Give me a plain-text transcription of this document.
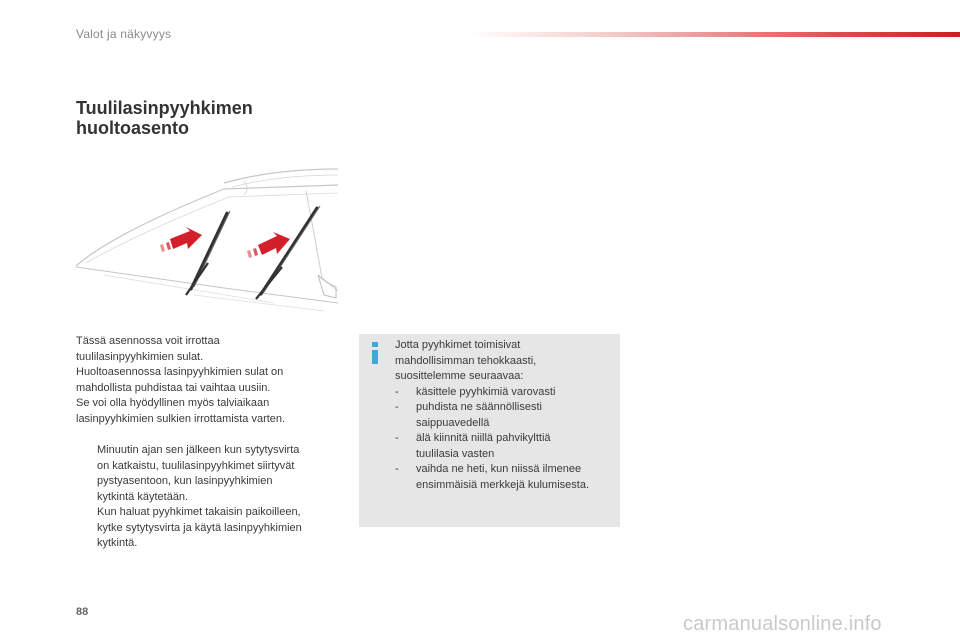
Valot ja näkyvyys
Tuulilasinpyyhkimen
huoltoasento

Tässä asennossa voit irrottaa

tuulilasinpyyhkimien sulat.

Huoltoasennossa lasinpyyhkimien sulat on

mahdollista puhdistaa tai vaihtaa uusiin.

Se voi olla hyödyllinen myös talviaikaan

lasinpyyhkimien sulkien irrottamista varten.

Minuutin ajan sen jälkeen kun sytytysvirta
on katkaistu, tuulilasinpyyhkimet siirtyvät
pystyasentoon, kun lasinpyyhkimien
kytkintä käytetään.
Kun haluat pyyhkimet takaisin paikoilleen,
kytke sytytysvirta ja käytä lasinpyyhkimien
kytkintä.

Jotta pyyhkimet toimisivat

mahdollisimman tehokkaasti,

suosittelemme seuraavaa:

- käsittele pyyhkimiä varovasti
- puhdista ne säännöllisesti
saippuavedellä
- älä kiinnitä niillä pahvikylttiä
tuulilasia vasten
- vaihda ne heti, kun niissä ilmenee
ensimmäisiä merkkejä kulumisesta.
88
carmanualsonline.info
